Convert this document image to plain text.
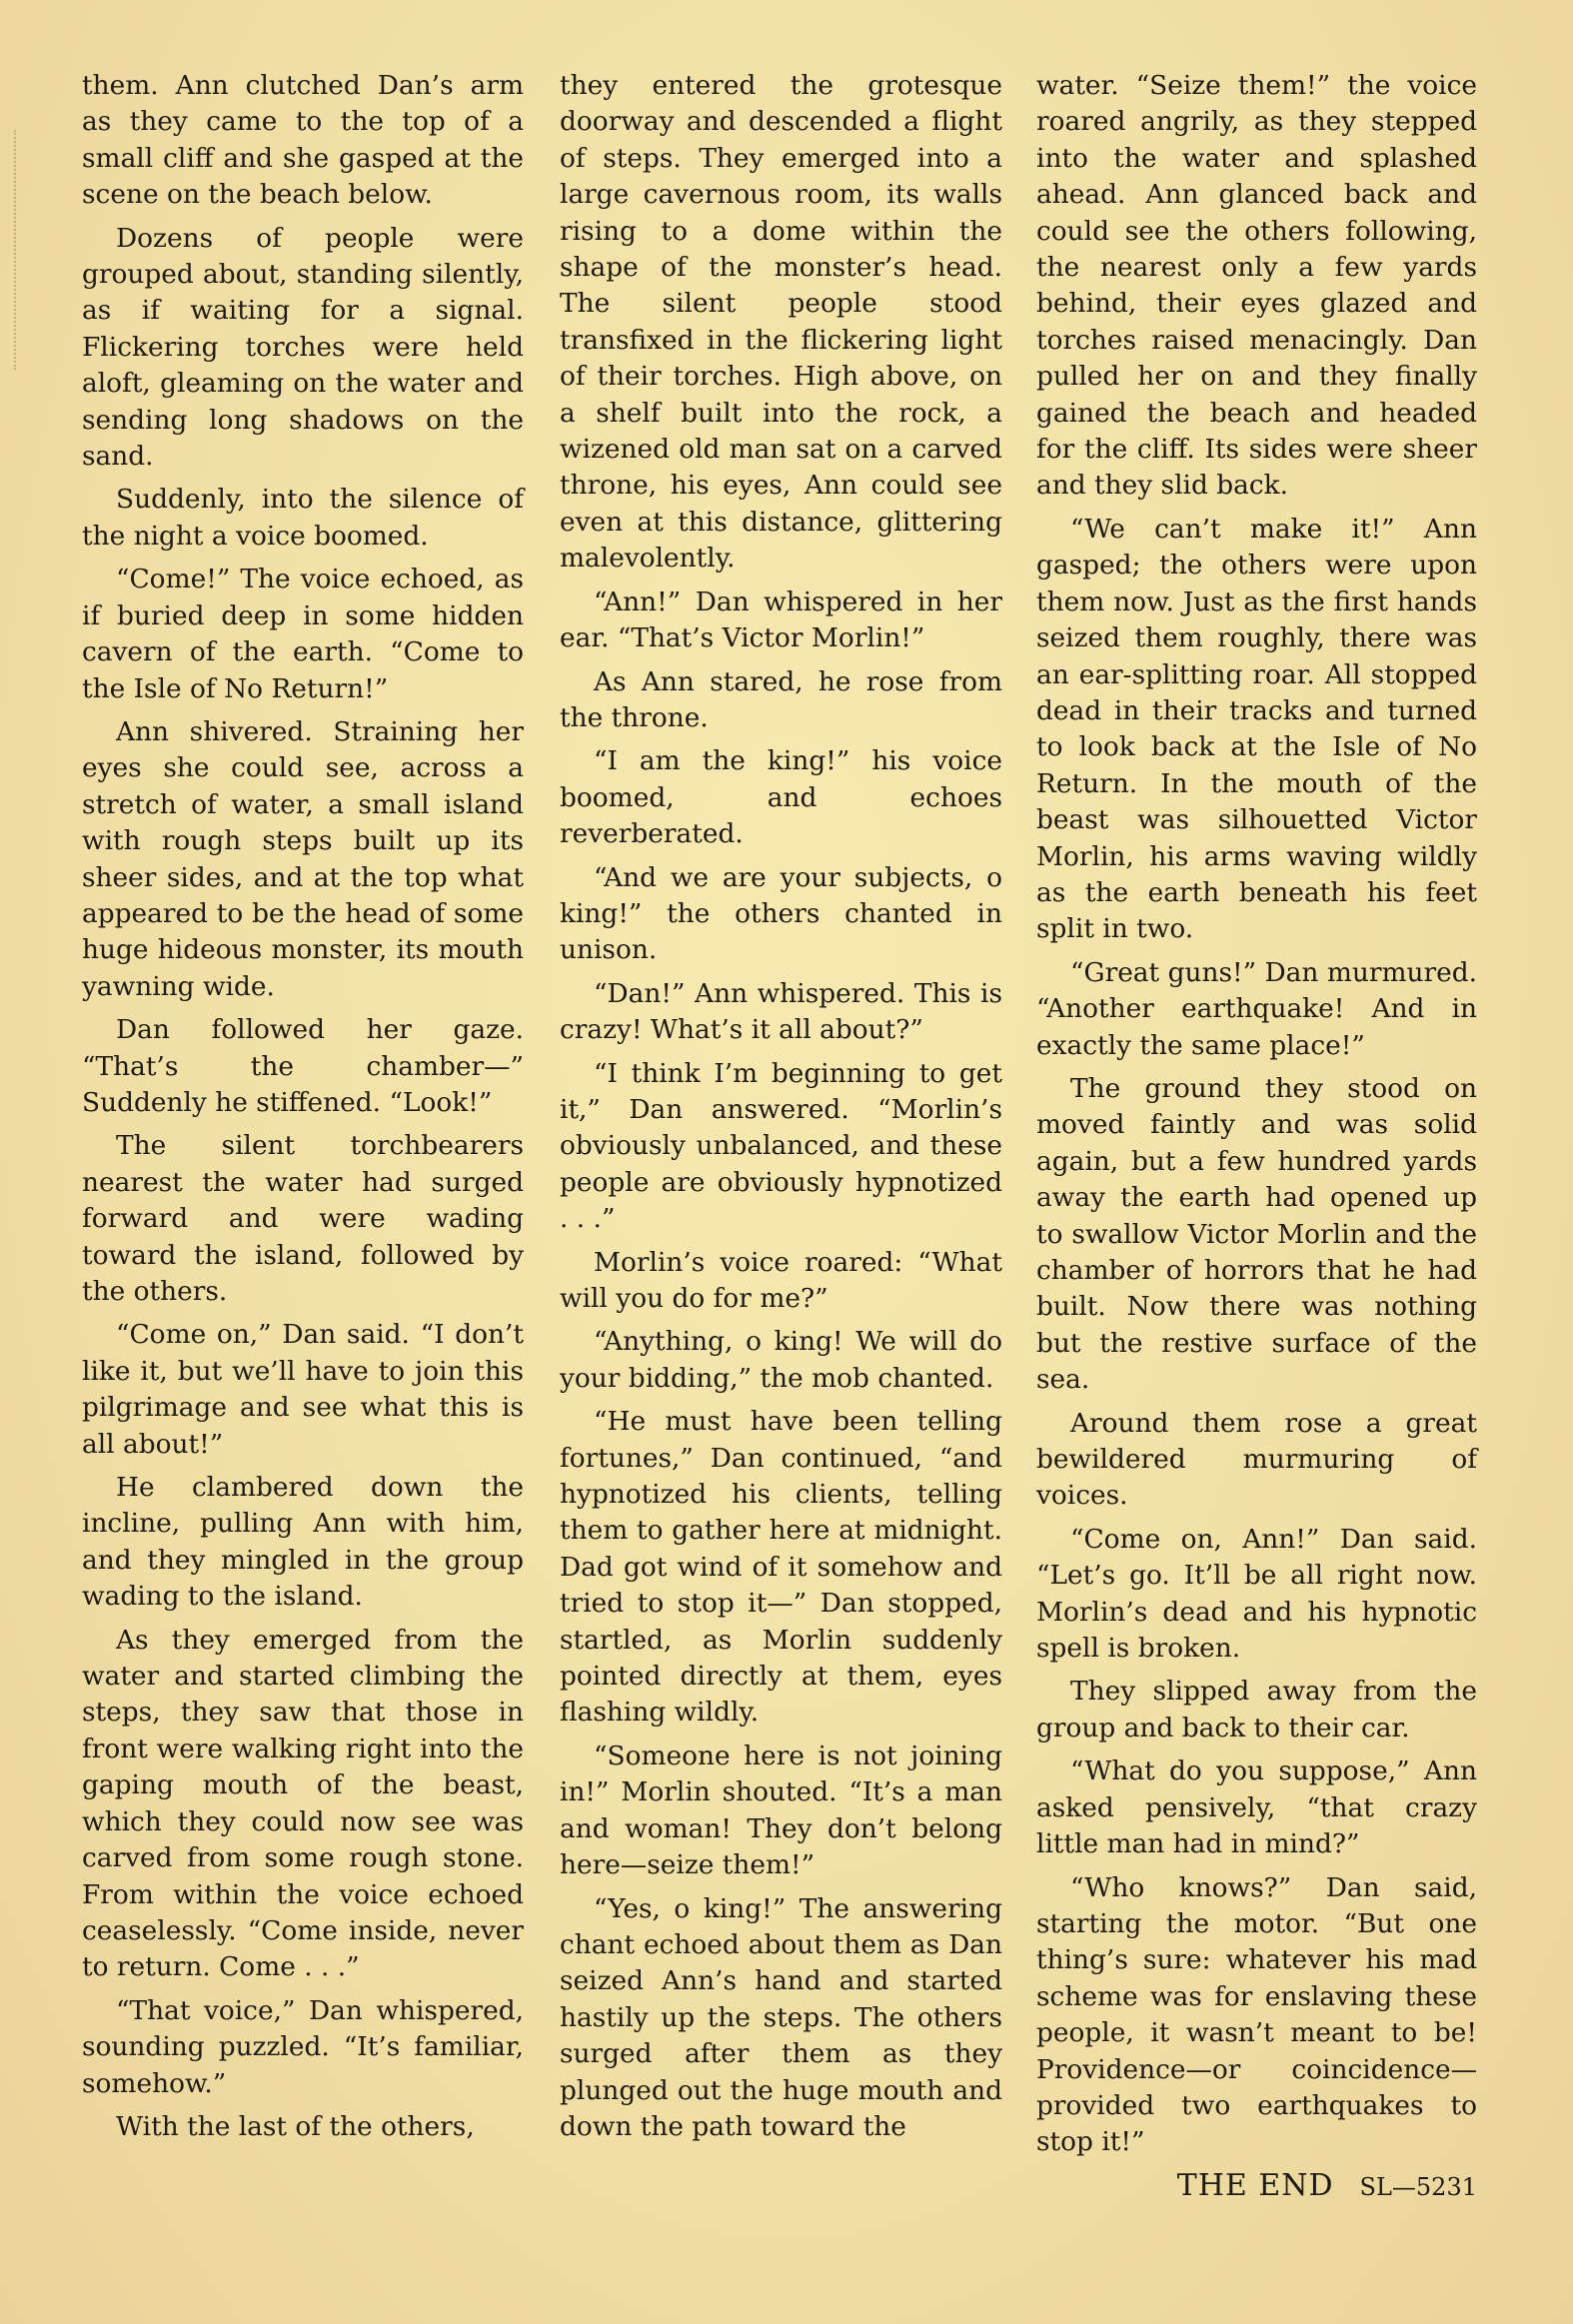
them. Ann clutched Dan’s arm as they came to the top of a small cliff and she gasped at the scene on the beach below.

Dozens of people were grouped about, standing silently, as if waiting for a signal. Flickering torches were held aloft, gleaming on the water and sending long shadows on the sand.

Suddenly, into the silence of the night a voice boomed.

“Come!” The voice echoed, as if buried deep in some hidden cavern of the earth. “Come to the Isle of No Return!”

Ann shivered. Straining her eyes she could see, across a stretch of water, a small island with rough steps built up its sheer sides, and at the top what appeared to be the head of some huge hideous monster, its mouth yawning wide.

Dan followed her gaze. “That’s the chamber—” Suddenly he stiffened. “Look!”

The silent torchbearers nearest the water had surged forward and were wading toward the island, followed by the others.

“Come on,” Dan said. “I don’t like it, but we’ll have to join this pilgrimage and see what this is all about!”

He clambered down the incline, pulling Ann with him, and they mingled in the group wading to the island.

As they emerged from the water and started climbing the steps, they saw that those in front were walking right into the gaping mouth of the beast, which they could now see was carved from some rough stone. From within the voice echoed ceaselessly. “Come inside, never to return. Come . . .”

“That voice,” Dan whispered, sounding puzzled. “It’s familiar, somehow.”

With the last of the others,

they entered the grotesque doorway and descended a flight of steps. They emerged into a large cavernous room, its walls rising to a dome within the shape of the monster’s head. The silent people stood transfixed in the flickering light of their torches. High above, on a shelf built into the rock, a wizened old man sat on a carved throne, his eyes, Ann could see even at this distance, glittering malevolently.

“Ann!” Dan whispered in her ear. “That’s Victor Morlin!”

As Ann stared, he rose from the throne.

“I am the king!” his voice boomed, and echoes reverberated.

“And we are your subjects, o king!” the others chanted in unison.

“Dan!” Ann whispered. This is crazy! What’s it all about?”

“I think I’m beginning to get it,” Dan answered. “Morlin’s obviously unbalanced, and these people are obviously hypnotized . . .”

Morlin’s voice roared: “What will you do for me?”

“Anything, o king! We will do your bidding,” the mob chanted.

“He must have been telling fortunes,” Dan continued, “and hypnotized his clients, telling them to gather here at midnight. Dad got wind of it somehow and tried to stop it—” Dan stopped, startled, as Morlin suddenly pointed directly at them, eyes flashing wildly.

“Someone here is not joining in!” Morlin shouted. “It’s a man and woman! They don’t belong here—seize them!”

“Yes, o king!” The answering chant echoed about them as Dan seized Ann’s hand and started hastily up the steps. The others surged after them as they plunged out the huge mouth and down the path toward the

water. “Seize them!” the voice roared angrily, as they stepped into the water and splashed ahead. Ann glanced back and could see the others following, the nearest only a few yards behind, their eyes glazed and torches raised menacingly. Dan pulled her on and they finally gained the beach and headed for the cliff. Its sides were sheer and they slid back.

“We can’t make it!” Ann gasped; the others were upon them now. Just as the first hands seized them roughly, there was an ear-splitting roar. All stopped dead in their tracks and turned to look back at the Isle of No Return. In the mouth of the beast was silhouetted Victor Morlin, his arms waving wildly as the earth beneath his feet split in two.

“Great guns!” Dan murmured. “Another earthquake! And in exactly the same place!”

The ground they stood on moved faintly and was solid again, but a few hundred yards away the earth had opened up to swallow Victor Morlin and the chamber of horrors that he had built. Now there was nothing but the restive surface of the sea.

Around them rose a great bewildered murmuring of voices.

“Come on, Ann!” Dan said. “Let’s go. It’ll be all right now. Morlin’s dead and his hypnotic spell is broken.

They slipped away from the group and back to their car.

“What do you suppose,” Ann asked pensively, “that crazy little man had in mind?”

“Who knows?” Dan said, starting the motor. “But one thing’s sure: whatever his mad scheme was for enslaving these people, it wasn’t meant to be! Providence—or coincidence—provided two earthquakes to stop it!”

THE END SL—5231
